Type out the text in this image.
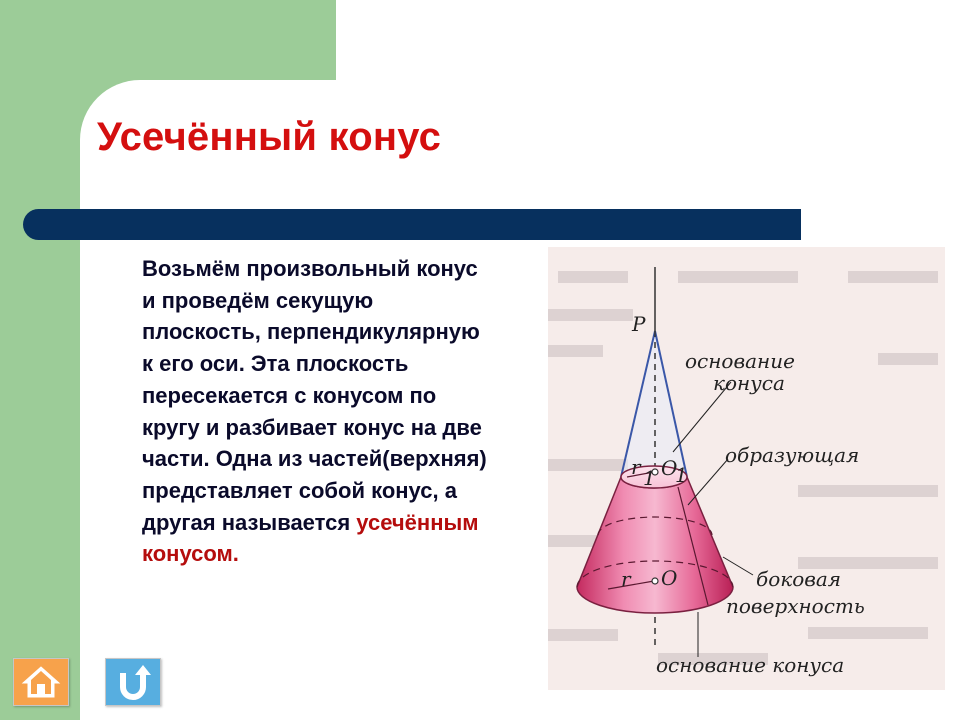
Усечённый конус

Возьмём произвольный конус и проведём секущую плоскость, перпендикулярную к его оси. Эта плоскость пересекается с конусом по кругу и разбивает конус на две части. Одна из частей(верхняя) представляет собой конус, а другая называется усечённым конусом.

P
r 1 O
1
r O
основание
конуса
образующая
боковая
поверхность
основание конуса
